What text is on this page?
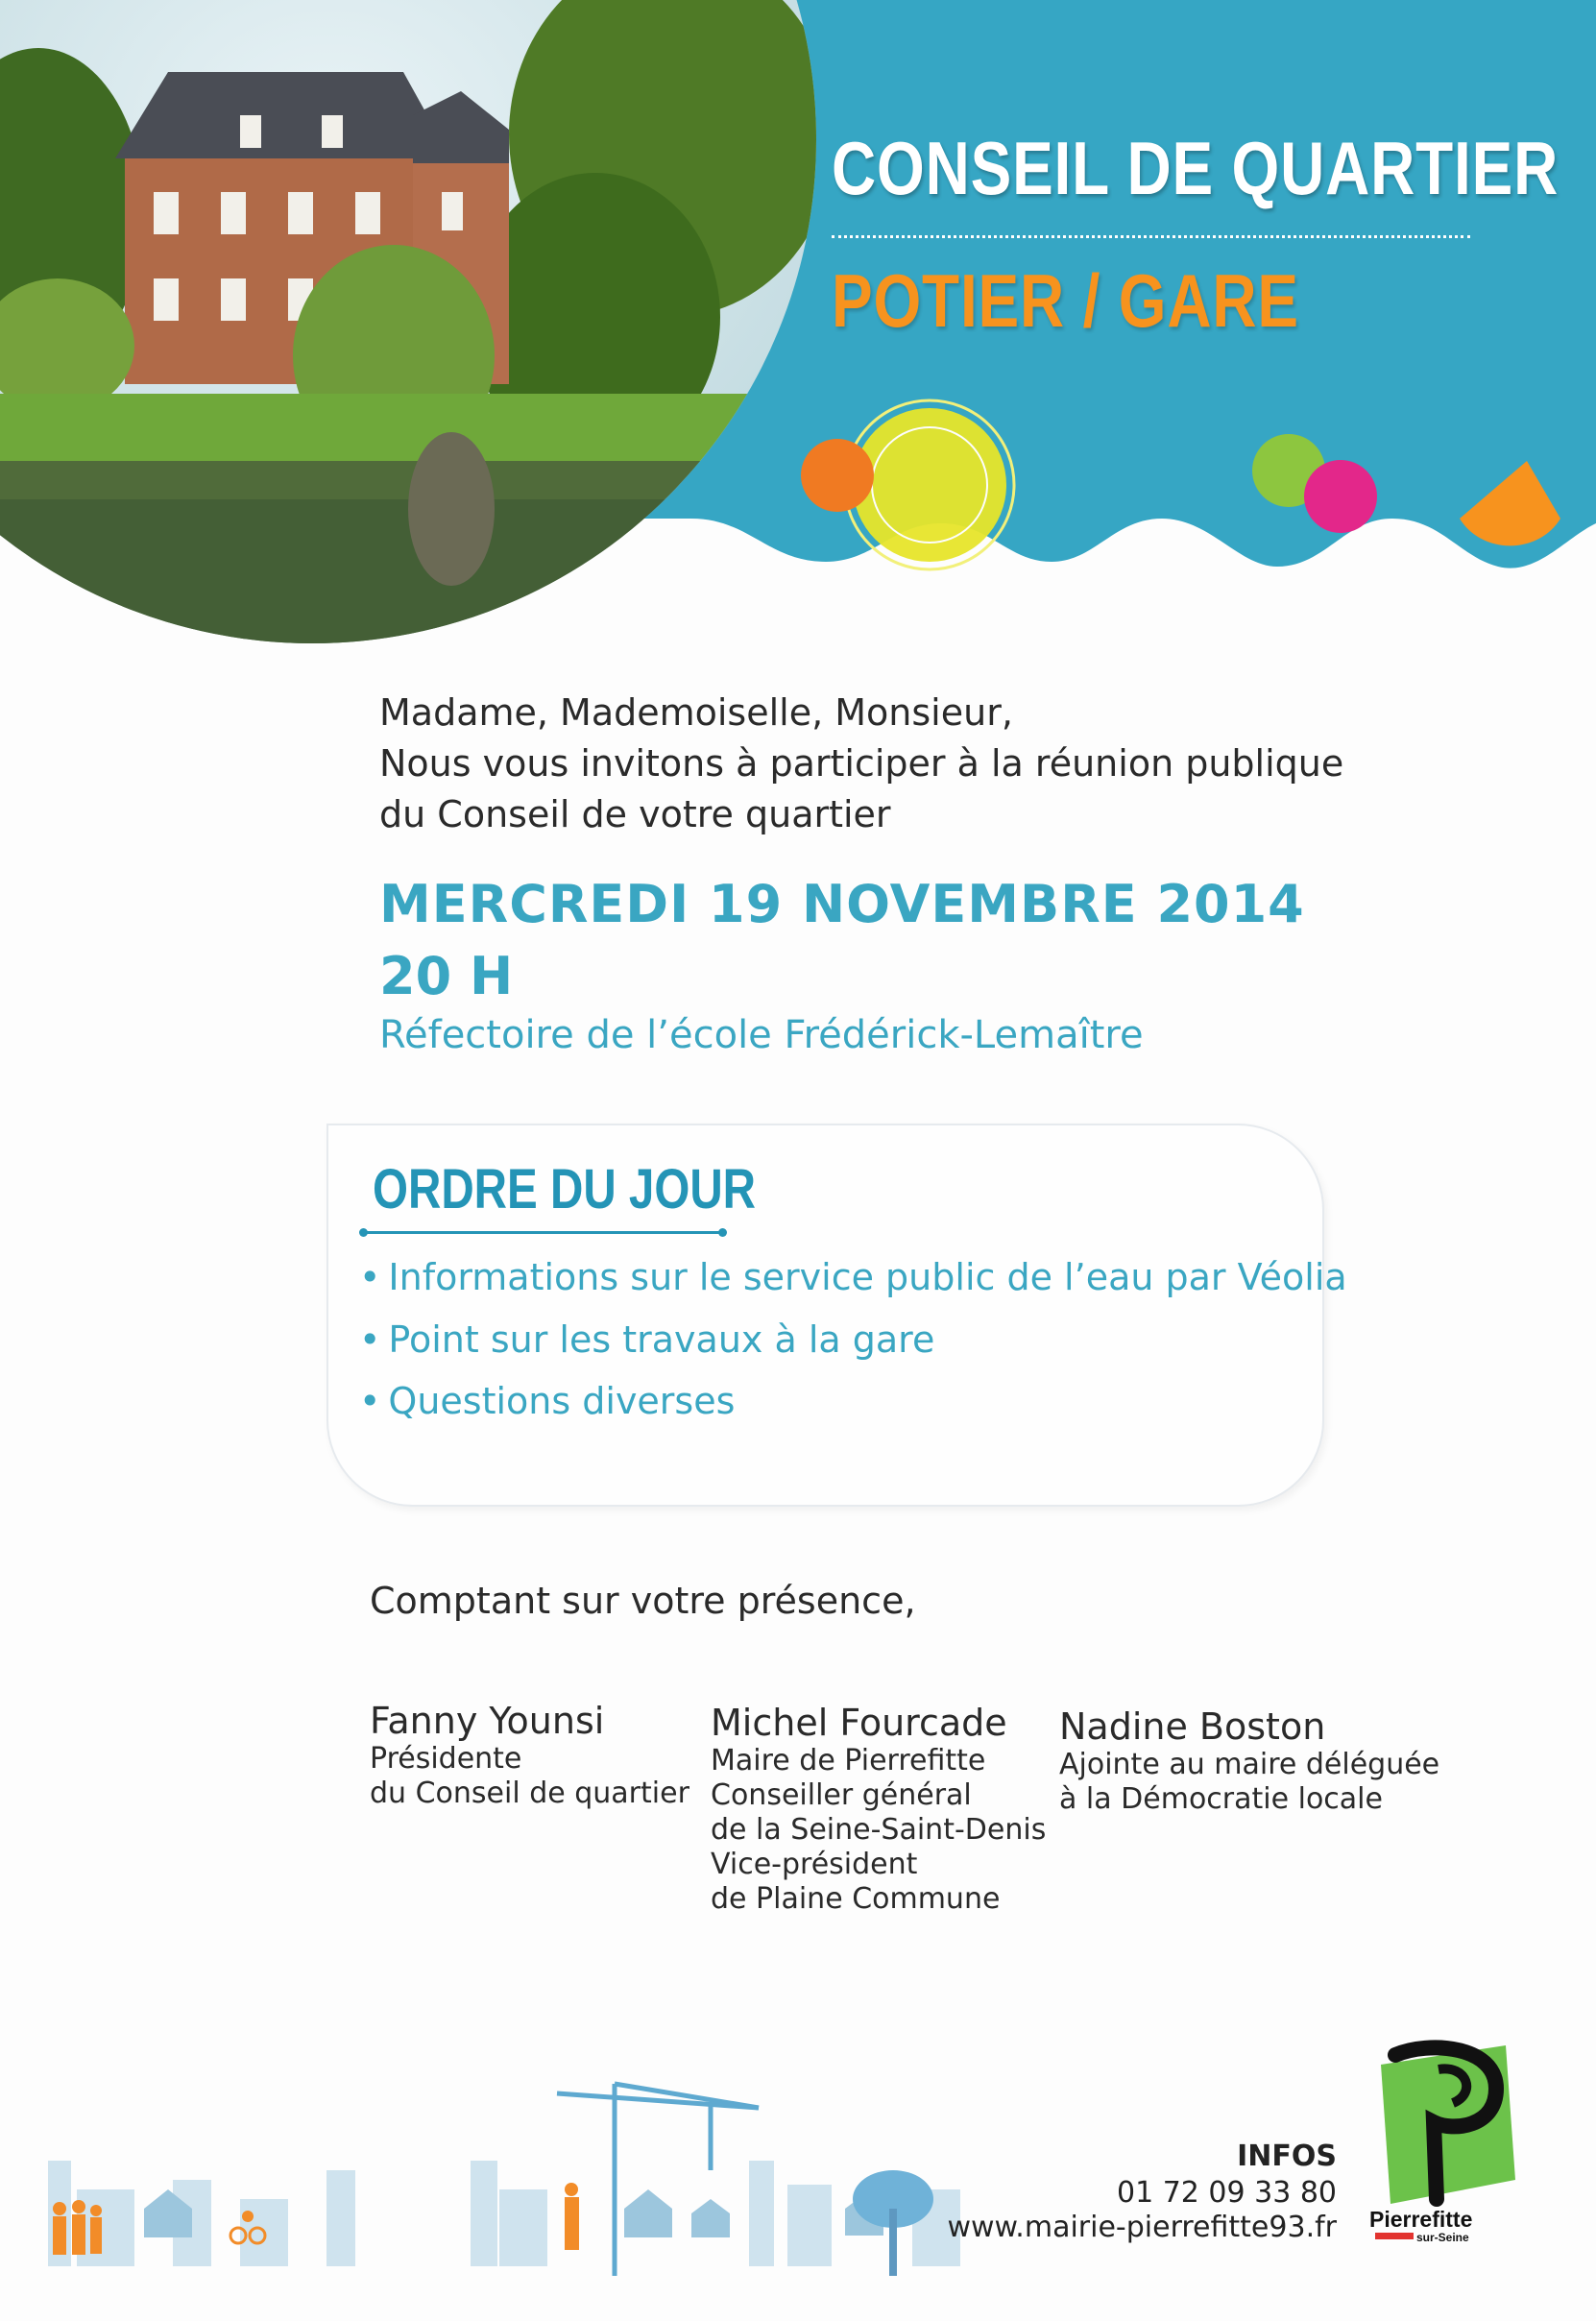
CONSEIL DE QUARTIER
POTIER / GARE
Madame, Mademoiselle, Monsieur,
Nous vous invitons à participer à la réunion publique
du Conseil de votre quartier
MERCREDI 19 NOVEMBRE 2014
20 H
Réfectoire de l’école Frédérick-Lemaître
ORDRE DU JOUR
• Informations sur le service public de l’eau par Véolia
• Point sur les travaux à la gare
• Questions diverses
Comptant sur votre présence,
Fanny Younsi
Présidente
du Conseil de quartier
Michel Fourcade
Maire de Pierrefitte
Conseiller général
de la Seine-Saint-Denis
Vice-président
de Plaine Commune
Nadine Boston
Ajointe au maire déléguée
à la Démocratie locale
INFOS
01 72 09 33 80
www.mairie-pierrefitte93.fr Pierrefitte
sur-Seine
